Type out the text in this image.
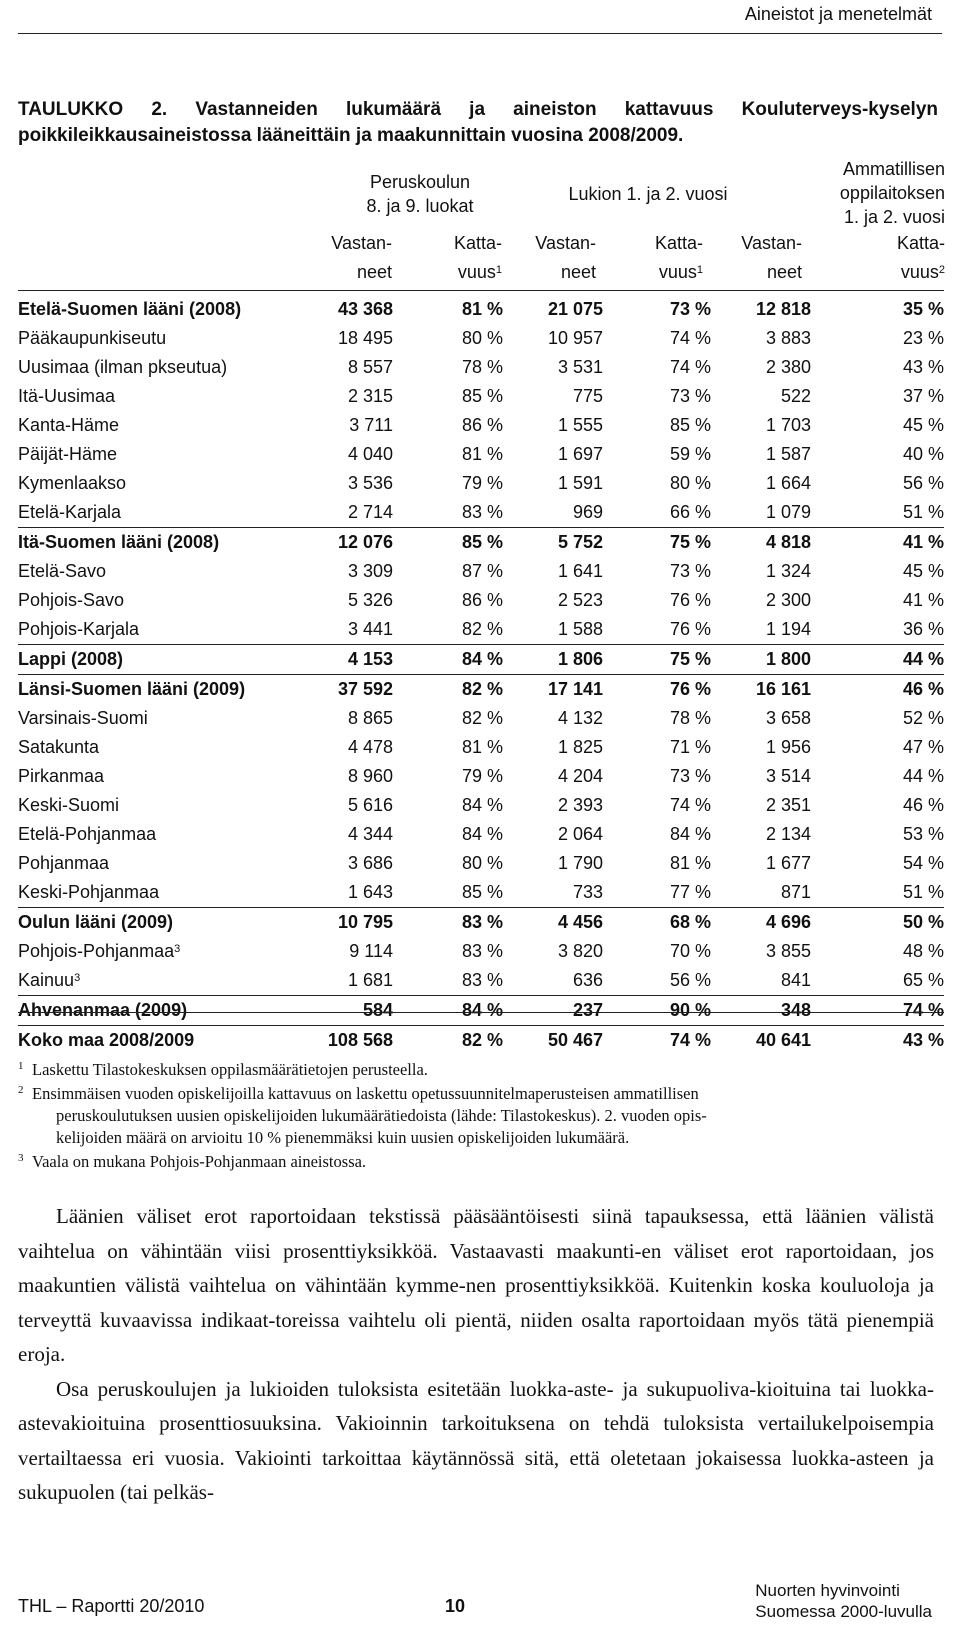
Aineistot ja menetelmät
TAULUKKO 2. Vastanneiden lukumäärä ja aineiston kattavuus Kouluterveys-kyselyn poikkileikkausaineistossa lääneittäin ja maakunnittain vuosina 2008/2009.
Peruskoulun
8. ja 9. luokat
Lukion 1. ja 2. vuosi
Ammatillisen
oppilaitoksen
1. ja 2. vuosi
Vastan-
neet
Katta-
vuus$^1$
Vastan-
neet
Katta-
vuus$^1$
Vastan-
neet
Katta-
vuus$^2$
Etelä-Suomen lääni (2008)	43 368	81 %	21 075	73 %	12 818	35 %
Pääkaupunkiseutu	18 495	80 %	10 957	74 %	3 883	23 %
Uusimaa (ilman pkseutua)	8 557	78 %	3 531	74 %	2 380	43 %
Itä-Uusimaa	2 315	85 %	775	73 %	522	37 %
Kanta-Häme	3 711	86 %	1 555	85 %	1 703	45 %
Päijät-Häme	4 040	81 %	1 697	59 %	1 587	40 %
Kymenlaakso	3 536	79 %	1 591	80 %	1 664	56 %
Etelä-Karjala	2 714	83 %	969	66 %	1 079	51 %
Itä-Suomen lääni (2008)	12 076	85 %	5 752	75 %	4 818	41 %
Etelä-Savo	3 309	87 %	1 641	73 %	1 324	45 %
Pohjois-Savo	5 326	86 %	2 523	76 %	2 300	41 %
Pohjois-Karjala	3 441	82 %	1 588	76 %	1 194	36 %
Lappi (2008)	4 153	84 %	1 806	75 %	1 800	44 %
Länsi-Suomen lääni (2009)	37 592	82 %	17 141	76 %	16 161	46 %
Varsinais-Suomi	8 865	82 %	4 132	78 %	3 658	52 %
Satakunta	4 478	81 %	1 825	71 %	1 956	47 %
Pirkanmaa	8 960	79 %	4 204	73 %	3 514	44 %
Keski-Suomi	5 616	84 %	2 393	74 %	2 351	46 %
Etelä-Pohjanmaa	4 344	84 %	2 064	84 %	2 134	53 %
Pohjanmaa	3 686	80 %	1 790	81 %	1 677	54 %
Keski-Pohjanmaa	1 643	85 %	733	77 %	871	51 %
Oulun lääni (2009)	10 795	83 %	4 456	68 %	4 696	50 %
Pohjois-Pohjanmaa$^3$	9 114	83 %	3 820	70 %	3 855	48 %
Kainuu$^3$	1 681	83 %	636	56 %	841	65 %
Ahvenanmaa (2009)	584	84 %	237	90 %	348	74 %
Koko maa 2008/2009	108 568	82 %	50 467	74 %	40 641	43 %
1 Laskettu Tilastokeskuksen oppilasmäärätietojen perusteella.
2 Ensimmäisen vuoden opiskelijoilla kattavuus on laskettu opetussuunnitelmaperusteisen ammatillisen
peruskoulutuksen uusien opiskelijoiden lukumäärätiedoista (lähde: Tilastokeskus). 2. vuoden opis-
kelijoiden määrä on arvioitu 10 % pienemmäksi kuin uusien opiskelijoiden lukumäärä.
3 Vaala on mukana Pohjois-Pohjanmaan aineistossa.

Läänien väliset erot raportoidaan tekstissä pääsääntöisesti siinä tapauksessa, että läänien välistä vaihtelua on vähintään viisi prosenttiyksikköä. Vastaavasti maakunti-en väliset erot raportoidaan, jos maakuntien välistä vaihtelua on vähintään kymme-nen prosenttiyksikköä. Kuitenkin koska kouluoloja ja terveyttä kuvaavissa indikaat-toreissa vaihtelu oli pientä, niiden osalta raportoidaan myös tätä pienempiä eroja.

Osa peruskoulujen ja lukioiden tuloksista esitetään luokka-aste- ja sukupuoliva-kioituina tai luokka-astevakioituina prosenttiosuuksina. Vakioinnin tarkoituksena on tehdä tuloksista vertailukelpoisempia vertailtaessa eri vuosia. Vakiointi tarkoittaa käytännössä sitä, että oletetaan jokaisessa luokka-asteen ja sukupuolen (tai pelkäs-

THL – Raportti 20/2010	10
Nuorten hyvinvointi
Suomessa 2000-luvulla
